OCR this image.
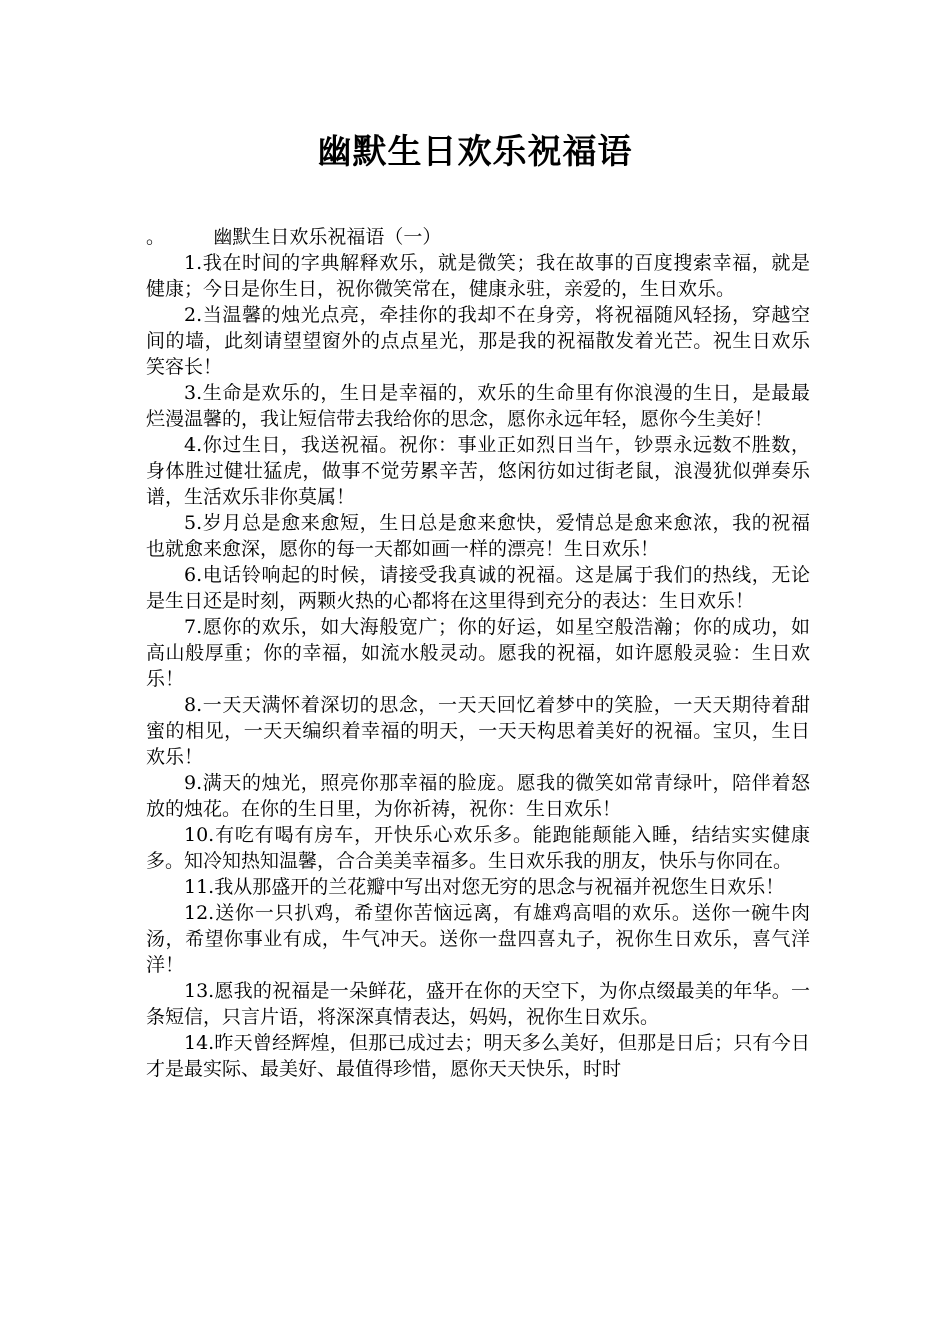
幽默生日欢乐祝福语

。        幽默生日欢乐祝福语（一）

1.我在时间的字典解释欢乐，就是微笑；我在故事的百度搜索幸福，就是健康；今日是你生日，祝你微笑常在，健康永驻，亲爱的，生日欢乐。

2.当温馨的烛光点亮，牵挂你的我却不在身旁，将祝福随风轻扬，穿越空间的墙，此刻请望望窗外的点点星光，那是我的祝福散发着光芒。祝生日欢乐笑容长！

3.生命是欢乐的，生日是幸福的，欢乐的生命里有你浪漫的生日，是最最烂漫温馨的，我让短信带去我给你的思念，愿你永远年轻，愿你今生美好！

4.你过生日，我送祝福。祝你：事业正如烈日当午，钞票永远数不胜数，身体胜过健壮猛虎，做事不觉劳累辛苦，悠闲彷如过街老鼠，浪漫犹似弹奏乐谱，生活欢乐非你莫属！

5.岁月总是愈来愈短，生日总是愈来愈快，爱情总是愈来愈浓，我的祝福也就愈来愈深，愿你的每一天都如画一样的漂亮！生日欢乐！

6.电话铃响起的时候，请接受我真诚的祝福。这是属于我们的热线，无论是生日还是时刻，两颗火热的心都将在这里得到充分的表达：生日欢乐！

7.愿你的欢乐，如大海般宽广；你的好运，如星空般浩瀚；你的成功，如高山般厚重；你的幸福，如流水般灵动。愿我的祝福，如许愿般灵验：生日欢乐！

8.一天天满怀着深切的思念，一天天回忆着梦中的笑脸，一天天期待着甜蜜的相见，一天天编织着幸福的明天，一天天构思着美好的祝福。宝贝，生日欢乐！

9.满天的烛光，照亮你那幸福的脸庞。愿我的微笑如常青绿叶，陪伴着怒放的烛花。在你的生日里，为你祈祷，祝你：生日欢乐！

10.有吃有喝有房车，开快乐心欢乐多。能跑能颠能入睡，结结实实健康多。知冷知热知温馨，合合美美幸福多。生日欢乐我的朋友，快乐与你同在。

11.我从那盛开的兰花瓣中写出对您无穷的思念与祝福并祝您生日欢乐！

12.送你一只扒鸡，希望你苦恼远离，有雄鸡高唱的欢乐。送你一碗牛肉汤，希望你事业有成，牛气冲天。送你一盘四喜丸子，祝你生日欢乐，喜气洋洋！

13.愿我的祝福是一朵鲜花，盛开在你的天空下，为你点缀最美的年华。一条短信，只言片语，将深深真情表达，妈妈，祝你生日欢乐。

14.昨天曾经辉煌，但那已成过去；明天多么美好，但那是日后；只有今日才是最实际、最美好、最值得珍惜，愿你天天快乐，时时
